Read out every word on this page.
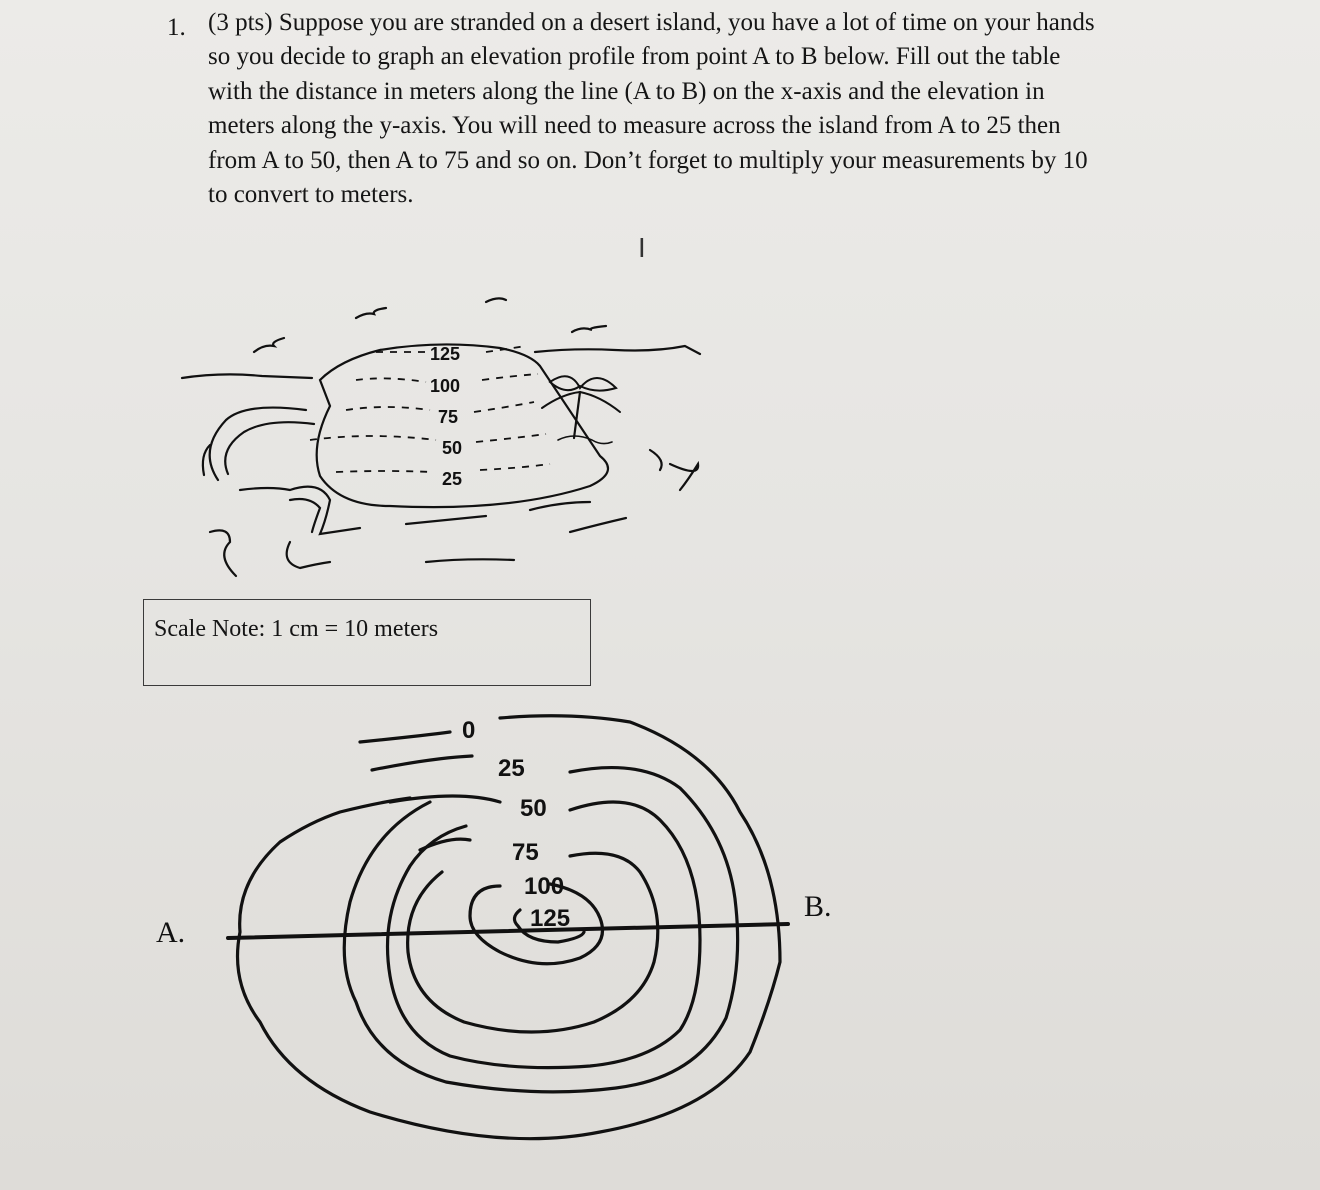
1. (3 pts) Suppose you are stranded on a desert island, you have a lot of time on your hands
so you decide to graph an elevation profile from point A to B below. Fill out the table
with the distance in meters along the line (A to B) on the x-axis and the elevation in
meters along the y-axis. You will need to measure across the island from A to 25 then
from A to 50, then A to 75 and so on. Don’t forget to multiply your measurements by 10
to convert to meters.
I
125
100
75
50
25
Scale Note: 1 cm = 10 meters
0
25
50
75
100
125
A.
B.
